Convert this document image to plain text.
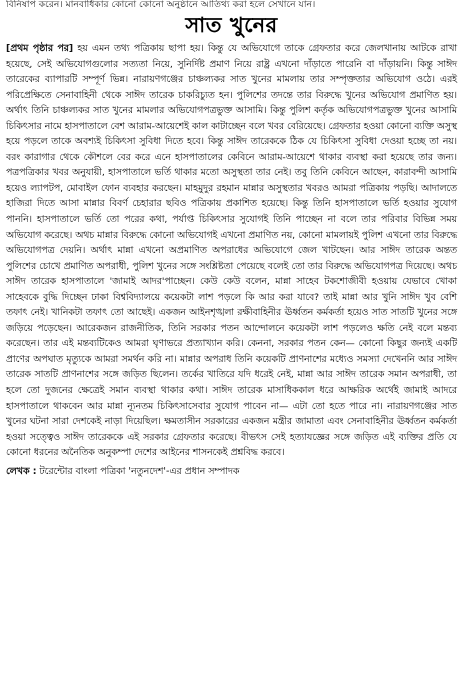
বিনিষাপ করেন। মানবাধিকার কোনো কোনো অনুষ্ঠানে আতিথ্য করা হলে সেখানে যান।

সাত খুনের

[প্রথম পৃষ্ঠার পর] হয় এমন তথ্য পত্রিকায় ছাপা হয়। কিন্তু যে অভিযোগে তাকে গ্রেফতার করে জেলখানায় আটকে রাখা হয়েছে, সেই অভিযোগগুলোর সত্যতা নিয়ে, সুনির্দিষ্ট প্রমাণ নিয়ে রাষ্ট্র এখনো দাঁড়াতে পারেনি বা দাঁড়ায়নি। কিন্তু সাঈদ তারেকের ব্যাপারটি সম্পূর্ণ ভিন্ন। নারায়ণগঞ্জের চাঞ্চল্যকর সাত খুনের মামলায় তার সম্পৃক্ততার অভিযোগ ওঠে। এরই পরিপ্রেক্ষিতে সেনাবাহিনী থেকে সাঈদ তারেক চাকরিচ্যুত হন। পুলিশের তদন্তে তার বিরুদ্ধে খুনের অভিযোগ প্রমাণিত হয়। অর্থাৎ তিনি চাঞ্চল্যকর সাত খুনের মামলার অভিযোগপত্রভুক্ত আসামি। কিন্তু পুলিশ কর্তৃক অভিযোগপত্রভুক্ত খুনের আসামি চিকিৎসার নামে হাসপাতালে বেশ আরাম-আয়েশেই কাল কাটাচ্ছেন বলে খবর বেরিয়েছে। গ্রেফতার হওয়া কোনো ব্যক্তি অসুস্থ হয়ে পড়লে তাকে অবশ্যই চিকিৎসা সুবিধা দিতে হবে। কিন্তু সাঈদ তারেককে ঠিক যে চিকিৎসা সুবিধা দেওয়া হচ্ছে তা নয়। বরং কারাগার থেকে কৌশলে বের করে এনে হাসপাতালের কেবিনে আরাম-আয়েশে থাকার ব্যবস্থা করা হয়েছে তার জন্য। পত্রপত্রিকার খবর অনুযায়ী, হাসপাতালে ভর্তি থাকার মতো অসুস্থতা তার নেই। তবু তিনি কেবিনে আছেন, কারাবন্দী আসামি হয়েও ল্যাপটপ, মোবাইল ফোন ব্যবহার করছেন। মাহমুদুর রহমান মান্নার অসুস্থতার খবরও আমরা পত্রিকায় পড়ছি। আদালতে হাজিরা দিতে আসা মান্নার বিবর্ণ চেহারার ছবিও পত্রিকায় প্রকাশিত হয়েছে। কিন্তু তিনি হাসপাতালে ভর্তি হওয়ার সুযোগ পাননি। হাসপাতালে ভর্তি তো পরের কথা, পর্যাপ্ত চিকিৎসার সুযোগই তিনি পাচ্ছেন না বলে তার পরিবার বিভিন্ন সময় অভিযোগ করেছে। অথচ মান্নার বিরুদ্ধে কোনো অভিযোগই এখনো প্রমাণিত নয়, কোনো মামলায়ই পুলিশ এখনো তার বিরুদ্ধে অভিযোগপত্র দেয়নি। অর্থাৎ মান্না এখনো অপ্রমাণিত অপরাধের অভিযোগে জেল খাটছেন। আর সাঈদ তারেক অন্তত পুলিশের চোখে প্রমাণিত অপরাধী, পুলিশ খুনের সঙ্গে সংশ্লিষ্টতা পেয়েছে বলেই তো তার বিরুদ্ধে অভিযোগপত্র দিয়েছে। অথচ সাঈদ তারেক হাসপাতালে 'জামাই আদর'পাচ্ছেন। কেউ কেউ বলেন, মান্না সাহেব টকশোজীবী হওয়ায় যেভাবে খোকা সাহেবকে বুদ্ধি দিচ্ছেন ঢাকা বিশ্ববিদ্যালয়ে কয়েকটা লাশ পড়লে কি আর করা যাবে? তাই মান্না আর খুনি সাঈদ খুব বেশি তফাৎ নেই। খানিকটা তফাৎ তো আছেই। একজন আইনশৃঙ্খলা রক্ষীবাহিনীর ঊর্ধ্বতন কর্মকর্তা হয়েও সাত সাতটি খুনের সঙ্গে জড়িয়ে পড়েছেন। আরেকজন রাজনীতিক, তিনি সরকার পতন আন্দোলনে কয়েকটা লাশ পড়লেও ক্ষতি নেই বলে মন্তব্য করেছেন। তার এই মন্তব্যটিকেও আমরা ঘৃণাভরে প্রত্যাখ্যান করি। কেননা, সরকার পতন কেন— কোনো কিছুর জন্যই একটি প্রাণের অপঘাত মৃত্যুকে আমরা সমর্থন করি না। মান্নার অপরাধ তিনি কয়েকটি প্রাণনাশের মধ্যেও সমস্যা দেখেননি আর সাঈদ তারেক সাতটি প্রাণনাশের সঙ্গে জড়িত ছিলেন। তর্কের খাতিরে যদি ধরেই নেই, মান্না আর সাঈদ তারেক সমান অপরাধী, তা হলে তো দুজনের ক্ষেত্রেই সমান ব্যবস্থা থাকার কথা। সাঈদ তারেক মাসাধিককাল ধরে আক্ষরিক অর্থেই জামাই আদরে হাসপাতালে থাকবেন আর মান্না ন্যূনতম চিকিৎসাসেবার সুযোগ পাবেন না— এটা তো হতে পারে না। নারায়ণগঞ্জের সাত খুনের ঘটনা সারা দেশকেই নাড়া দিয়েছিল। ক্ষমতাসীন সরকারের একজন মন্ত্রীর জামাতা এবং সেনাবাহিনীর ঊর্ধ্বতন কর্মকর্তা হওয়া সত্ত্বেও সাঈদ তারেককে এই সরকার গ্রেফতার করেছে। বীভৎস সেই হত্যাযজ্ঞের সঙ্গে জড়িত এই ব্যক্তির প্রতি যে কোনো ধরনের অনৈতিক অনুকম্পা দেশের আইনের শাসনকেই প্রশ্নবিদ্ধ করবে।

লেখক : টরেন্টোর বাংলা পত্রিকা 'নতুনদেশ'-এর প্রধান সম্পাদক
